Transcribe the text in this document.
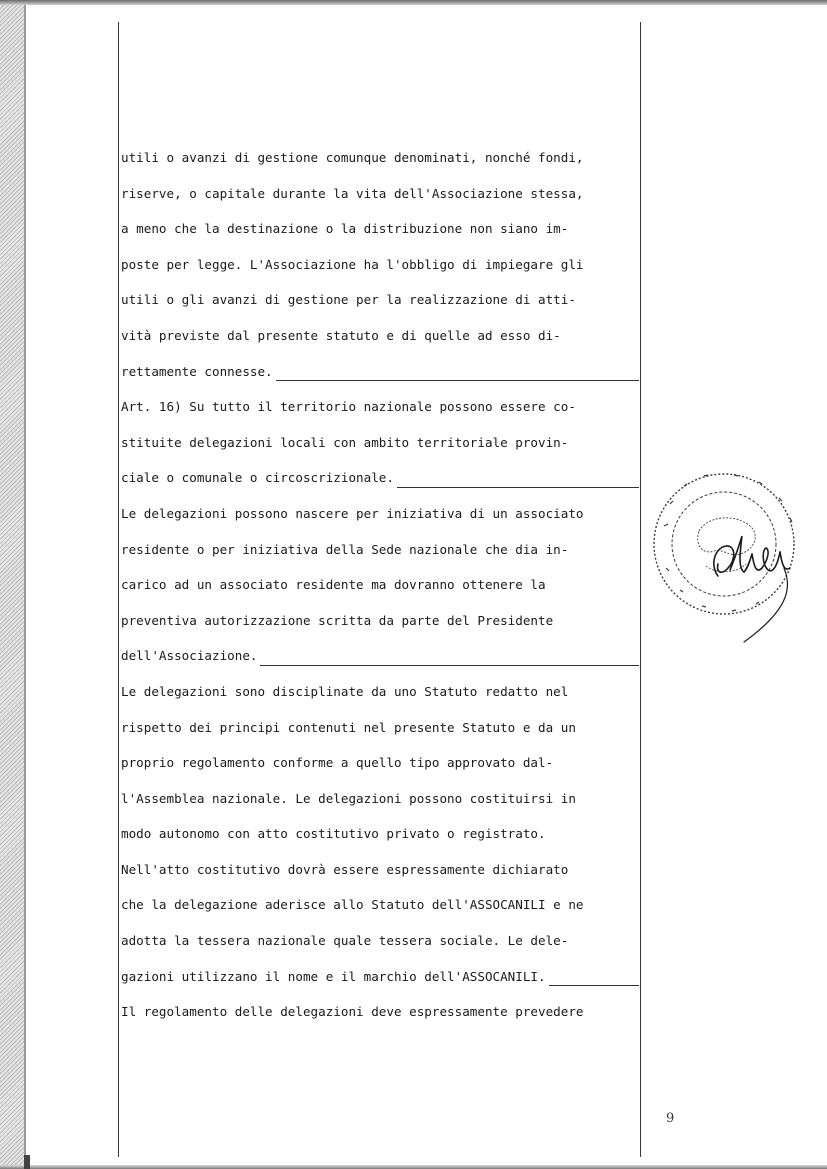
utili o avanzi di gestione comunque denominati, nonché fondi,
riserve, o capitale durante la vita dell'Associazione stessa,
a meno che la destinazione o la distribuzione non siano im-
poste per legge. L'Associazione ha l'obbligo di impiegare gli
utili o gli avanzi di gestione per la realizzazione di atti-
vità previste dal presente statuto e di quelle ad esso di-
rettamente connesse.
Art. 16) Su tutto il territorio nazionale possono essere co-
stituite delegazioni locali con ambito territoriale provin-
ciale o comunale o circoscrizionale.
Le delegazioni possono nascere per iniziativa di un associato
residente o per iniziativa della Sede nazionale che dia in-
carico ad un associato residente ma dovranno ottenere la
preventiva autorizzazione scritta da parte del Presidente
dell'Associazione.
Le delegazioni sono disciplinate da uno Statuto redatto nel
rispetto dei principi contenuti nel presente Statuto e da un
proprio regolamento conforme a quello tipo approvato dal-
l'Assemblea nazionale. Le delegazioni possono costituirsi in
modo autonomo con atto costitutivo privato o registrato.
Nell'atto costitutivo dovrà essere espressamente dichiarato
che la delegazione aderisce allo Statuto dell'ASSOCANILI e ne
adotta la tessera nazionale quale tessera sociale. Le dele-
gazioni utilizzano il nome e il marchio dell'ASSOCANILI.
Il regolamento delle delegazioni deve espressamente prevedere
9
